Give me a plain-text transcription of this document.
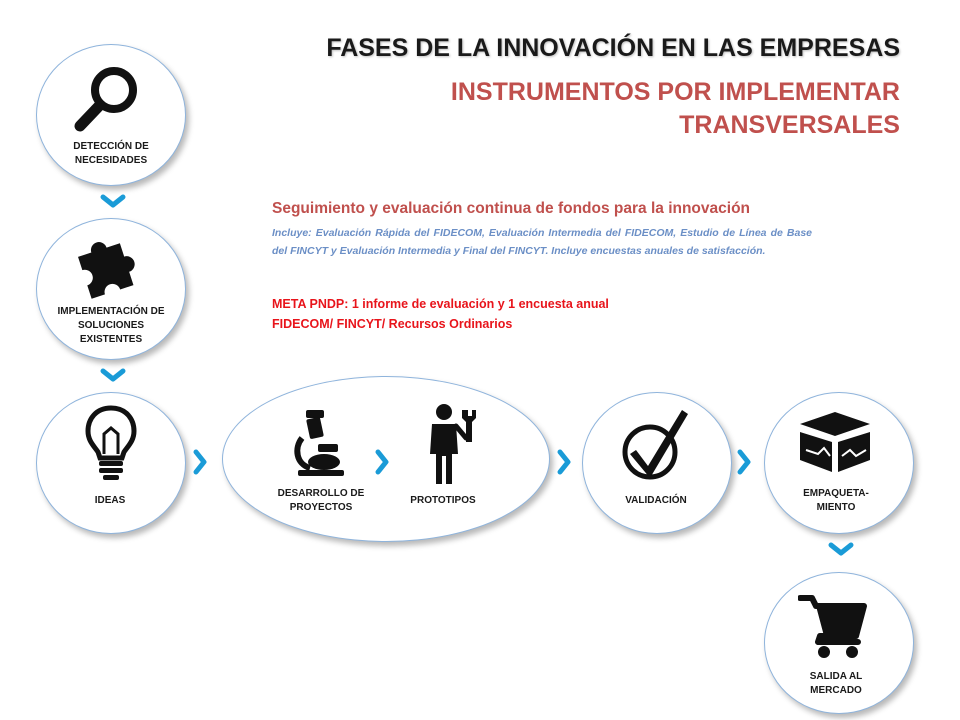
FASES DE LA INNOVACIÓN EN LAS EMPRESAS
INSTRUMENTOS POR IMPLEMENTAR TRANSVERSALES
DETECCIÓN DE NECESIDADES
IMPLEMENTACIÓN DE SOLUCIONES EXISTENTES
IDEAS
DESARROLLO DE PROYECTOS
PROTOTIPOS	VALIDACIÓN
EMPAQUETA-MIENTO
SALIDA AL MERCADO
Seguimiento y evaluación continua de fondos para la innovación

Incluye: Evaluación Rápida del FIDECOM, Evaluación Intermedia del FIDECOM, Estudio de Línea de Base del FINCYT y Evaluación Intermedia y Final del FINCYT. Incluye encuestas anuales de satisfacción.

META PNDP: 1 informe de evaluación y 1 encuesta anual

FIDECOM/ FINCYT/ Recursos Ordinarios
